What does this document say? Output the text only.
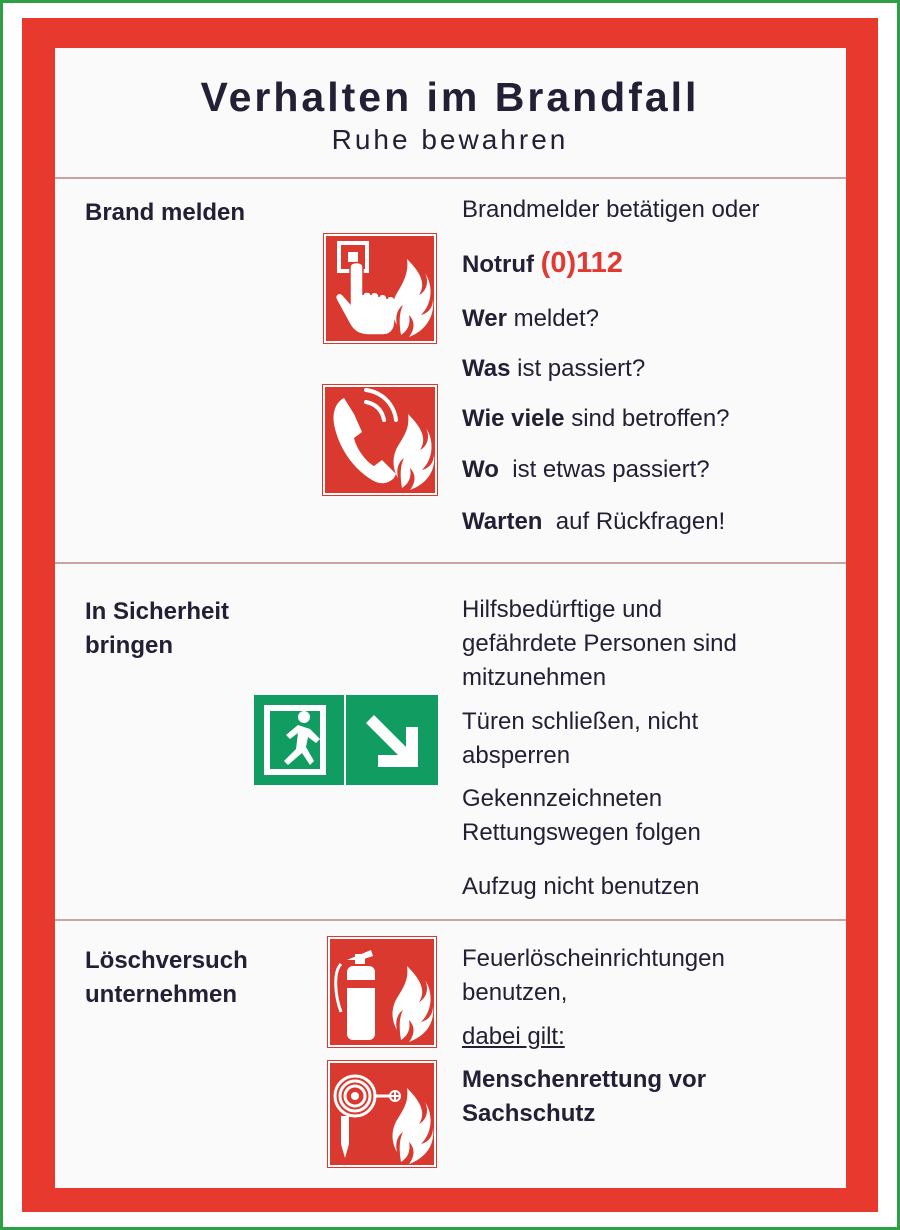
Verhalten im Brandfall
Ruhe bewahren
Brand melden	Brandmelder betätigen oder
Notruf (0)112
Wer meldet?
Was ist passiert?
Wie viele sind betroffen?
Wo ist etwas passiert?
Warten auf Rückfragen!
In Sicherheit
bringen
Hilfsbedürftige und
gefährdete Personen sind
mitzunehmen
Türen schließen, nicht
absperren
Gekennzeichneten
Rettungswegen folgen
Aufzug nicht benutzen
Löschversuch
unternehmen
Feuerlöscheinrichtungen
benutzen,
dabei gilt:
Menschenrettung vor
Sachschutz
